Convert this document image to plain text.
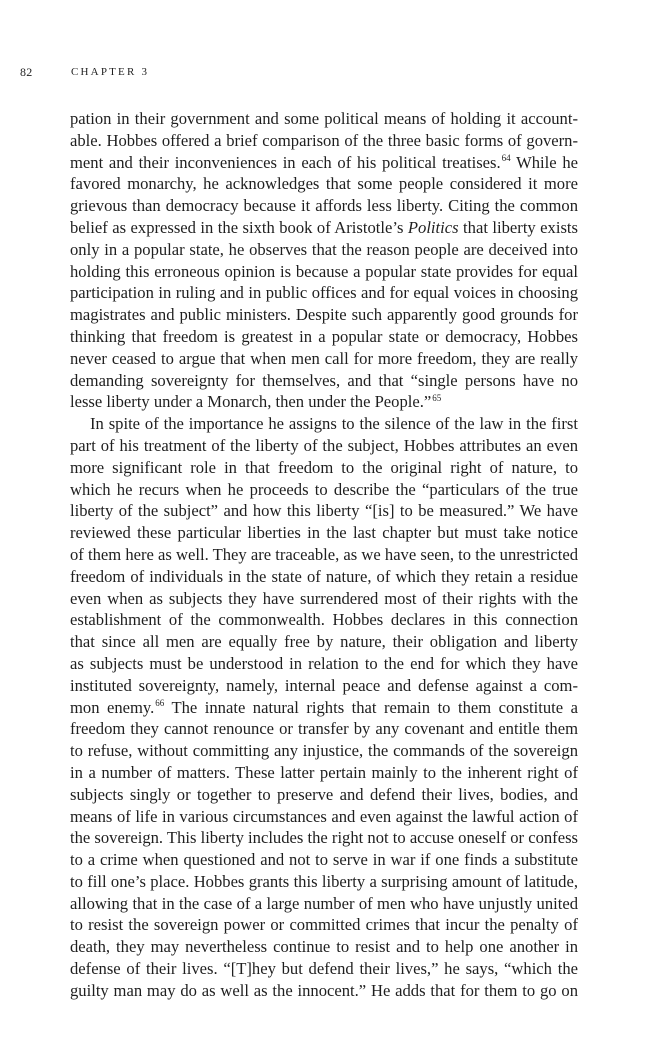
82	CHAPTER 3
pation in their government and some political means of holding it account-
able. Hobbes offered a brief comparison of the three basic forms of govern-
ment and their inconveniences in each of his political treatises.$^{64}$ While he
favored monarchy, he acknowledges that some people considered it more
grievous than democracy because it affords less liberty. Citing the common
belief as expressed in the sixth book of Aristotle’s Politics that liberty exists
only in a popular state, he observes that the reason people are deceived into
holding this erroneous opinion is because a popular state provides for equal
participation in ruling and in public offices and for equal voices in choosing
magistrates and public ministers. Despite such apparently good grounds for
thinking that freedom is greatest in a popular state or democracy, Hobbes
never ceased to argue that when men call for more freedom, they are really
demanding sovereignty for themselves, and that “single persons have no
lesse liberty under a Monarch, then under the People.”$^{65}$
In spite of the importance he assigns to the silence of the law in the first
part of his treatment of the liberty of the subject, Hobbes attributes an even
more significant role in that freedom to the original right of nature, to
which he recurs when he proceeds to describe the “particulars of the true
liberty of the subject” and how this liberty “[is] to be measured.” We have
reviewed these particular liberties in the last chapter but must take notice
of them here as well. They are traceable, as we have seen, to the unrestricted
freedom of individuals in the state of nature, of which they retain a residue
even when as subjects they have surrendered most of their rights with the
establishment of the commonwealth. Hobbes declares in this connection
that since all men are equally free by nature, their obligation and liberty
as subjects must be understood in relation to the end for which they have
instituted sovereignty, namely, internal peace and defense against a com-
mon enemy.$^{66}$ The innate natural rights that remain to them constitute a
freedom they cannot renounce or transfer by any covenant and entitle them
to refuse, without committing any injustice, the commands of the sovereign
in a number of matters. These latter pertain mainly to the inherent right of
subjects singly or together to preserve and defend their lives, bodies, and
means of life in various circumstances and even against the lawful action of
the sovereign. This liberty includes the right not to accuse oneself or confess
to a crime when questioned and not to serve in war if one finds a substitute
to fill one’s place. Hobbes grants this liberty a surprising amount of latitude,
allowing that in the case of a large number of men who have unjustly united
to resist the sovereign power or committed crimes that incur the penalty of
death, they may nevertheless continue to resist and to help one another in
defense of their lives. “[T]hey but defend their lives,” he says, “which the
guilty man may do as well as the innocent.” He adds that for them to go on
